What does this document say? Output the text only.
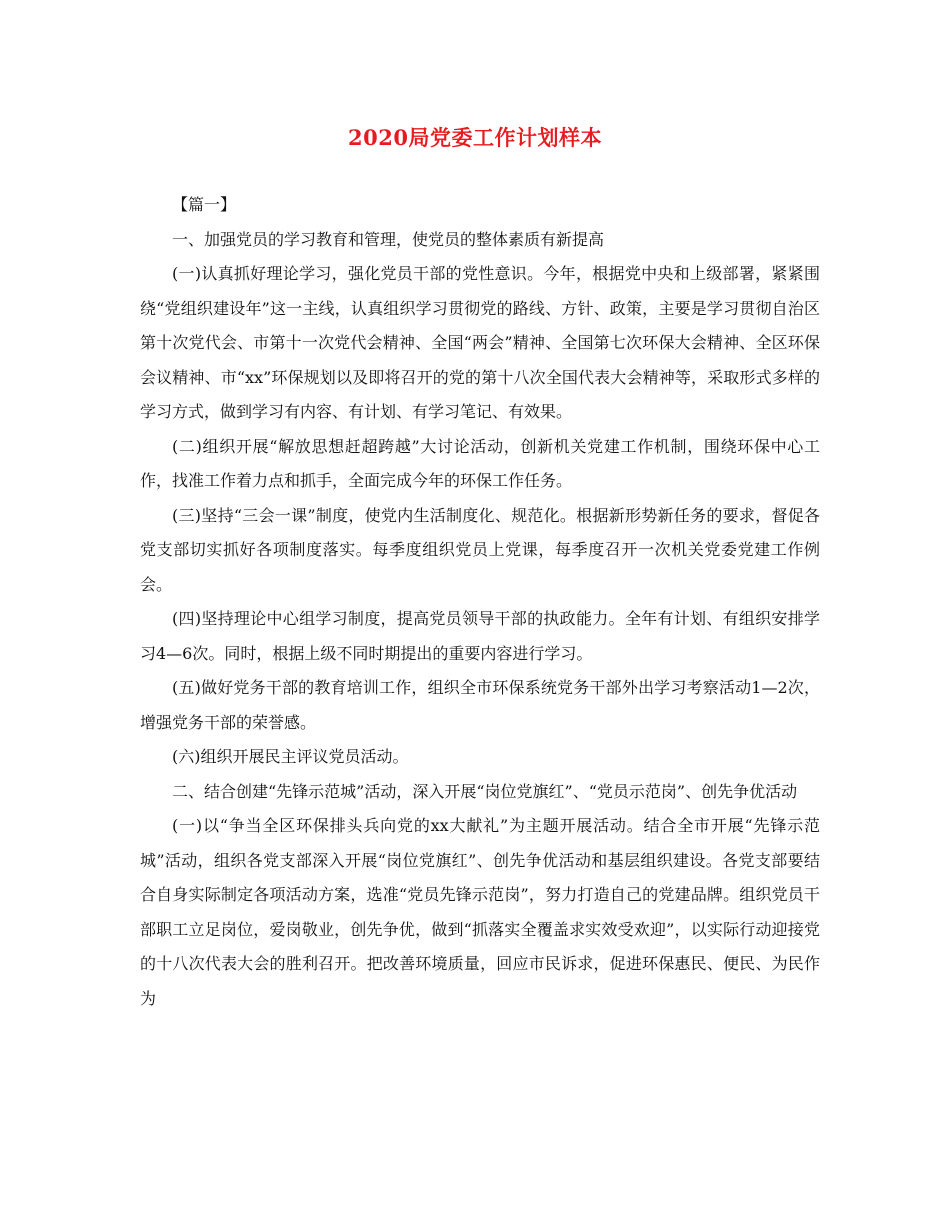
2020局党委工作计划样本

【篇一】

一、加强党员的学习教育和管理，使党员的整体素质有新提高

(一)认真抓好理论学习，强化党员干部的党性意识。今年，根据党中央和上级部署，紧紧围绕“党组织建设年”这一主线，认真组织学习贯彻党的路线、方针、政策，主要是学习贯彻自治区第十次党代会、市第十一次党代会精神、全国“两会”精神、全国第七次环保大会精神、全区环保会议精神、市“xx”环保规划以及即将召开的党的第十八次全国代表大会精神等，采取形式多样的学习方式，做到学习有内容、有计划、有学习笔记、有效果。

(二)组织开展“解放思想赶超跨越”大讨论活动，创新机关党建工作机制，围绕环保中心工作，找准工作着力点和抓手，全面完成今年的环保工作任务。

(三)坚持“三会一课”制度，使党内生活制度化、规范化。根据新形势新任务的要求，督促各党支部切实抓好各项制度落实。每季度组织党员上党课，每季度召开一次机关党委党建工作例会。

(四)坚持理论中心组学习制度，提高党员领导干部的执政能力。全年有计划、有组织安排学习4—6次。同时，根据上级不同时期提出的重要内容进行学习。

(五)做好党务干部的教育培训工作，组织全市环保系统党务干部外出学习考察活动1—2次，增强党务干部的荣誉感。

(六)组织开展民主评议党员活动。

二、结合创建“先锋示范城”活动，深入开展“岗位党旗红”、“党员示范岗”、创先争优活动

(一)以“争当全区环保排头兵向党的xx大献礼”为主题开展活动。结合全市开展“先锋示范城”活动，组织各党支部深入开展“岗位党旗红”、创先争优活动和基层组织建设。各党支部要结合自身实际制定各项活动方案，选准“党员先锋示范岗”，努力打造自己的党建品牌。组织党员干部职工立足岗位，爱岗敬业，创先争优，做到“抓落实全覆盖求实效受欢迎”，以实际行动迎接党的十八次代表大会的胜利召开。把改善环境质量，回应市民诉求，促进环保惠民、便民、为民作为
